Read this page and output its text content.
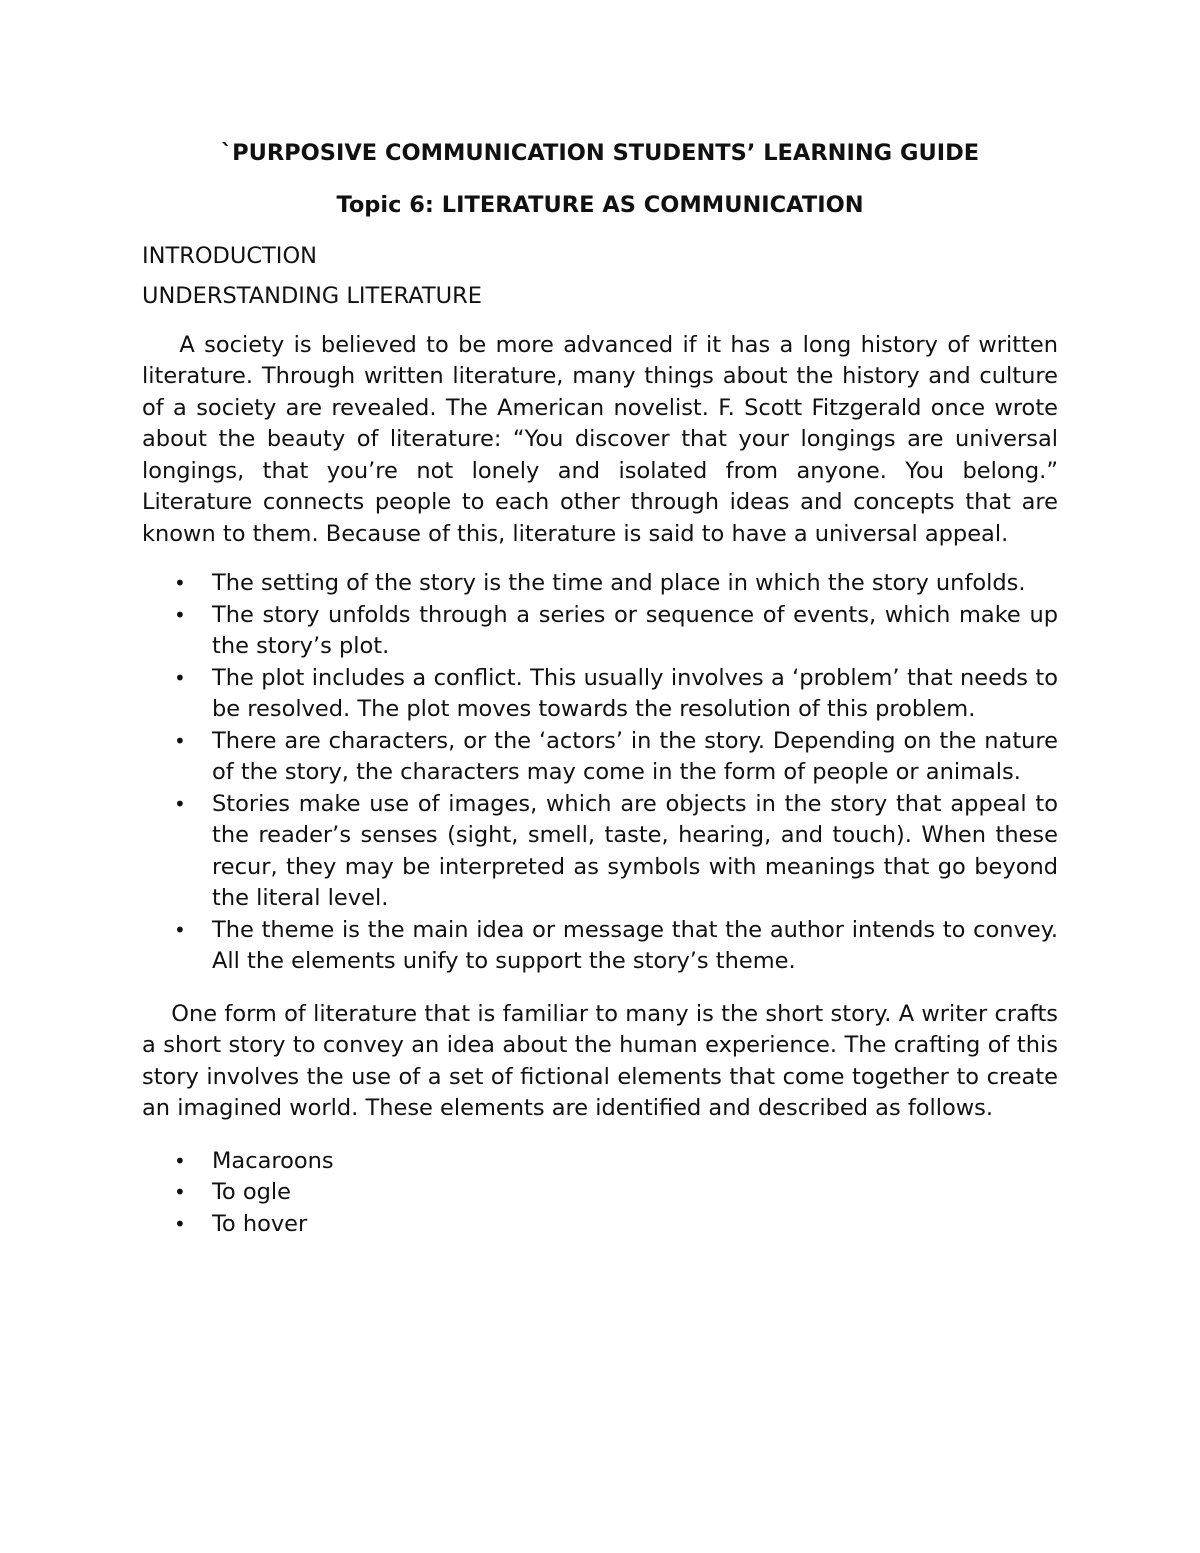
`PURPOSIVE COMMUNICATION STUDENTS’ LEARNING GUIDE

Topic 6: LITERATURE AS COMMUNICATION

INTRODUCTION

UNDERSTANDING LITERATURE

A society is believed to be more advanced if it has a long history of written literature. Through written literature, many things about the history and culture of a society are revealed. The American novelist. F. Scott Fitzgerald once wrote about the beauty of literature: “You discover that your longings are universal longings, that you’re not lonely and isolated from anyone. You belong.” Literature connects people to each other through ideas and concepts that are known to them. Because of this, literature is said to have a universal appeal.

• The setting of the story is the time and place in which the story unfolds.
• The story unfolds through a series or sequence of events, which make up the story’s plot.
• The plot includes a conflict. This usually involves a ‘problem’ that needs to be resolved. The plot moves towards the resolution of this problem.
• There are characters, or the ‘actors’ in the story. Depending on the nature of the story, the characters may come in the form of people or animals.
• Stories make use of images, which are objects in the story that appeal to the reader’s senses (sight, smell, taste, hearing, and touch). When these recur, they may be interpreted as symbols with meanings that go beyond the literal level.
• The theme is the main idea or message that the author intends to convey. All the elements unify to support the story’s theme.

One form of literature that is familiar to many is the short story. A writer crafts a short story to convey an idea about the human experience. The crafting of this story involves the use of a set of fictional elements that come together to create an imagined world. These elements are identified and described as follows.

• Macaroons
• To ogle
• To hover
